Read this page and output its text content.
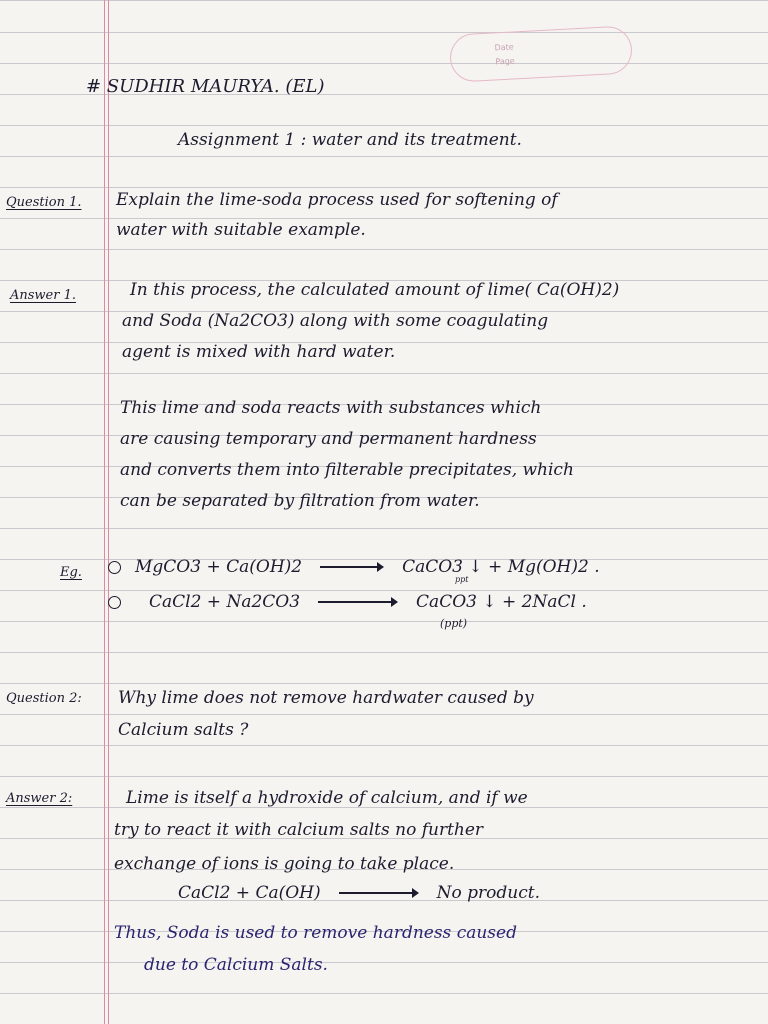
Date
Page
# SUDHIR MAURYA. (EL)
Assignment 1 : water and its treatment.
Question 1. Explain the lime-soda process used for softening of
water with suitable example.
Answer 1.	In this process, the calculated amount of lime( Ca(OH)2)
and Soda (Na2CO3) along with some coagulating
agent is mixed with hard water.
This lime and soda reacts with substances which
are causing temporary and permanent hardness
and converts them into filterable precipitates, which
can be separated by filtration from water.
Eg.	MgCO3 + Ca(OH)2	CaCO3 ↓ + Mg(OH)2 .
ppt
CaCl2 + Na2CO3	CaCO3 ↓ + 2NaCl .
(ppt)
Question 2: Why lime does not remove hardwater caused by
Calcium salts ?
Answer 2:	Lime is itself a hydroxide of calcium, and if we
try to react it with calcium salts no further
exchange of ions is going to take place.
CaCl2 + Ca(OH)	No product.
Thus, Soda is used to remove hardness caused
due to Calcium Salts.
